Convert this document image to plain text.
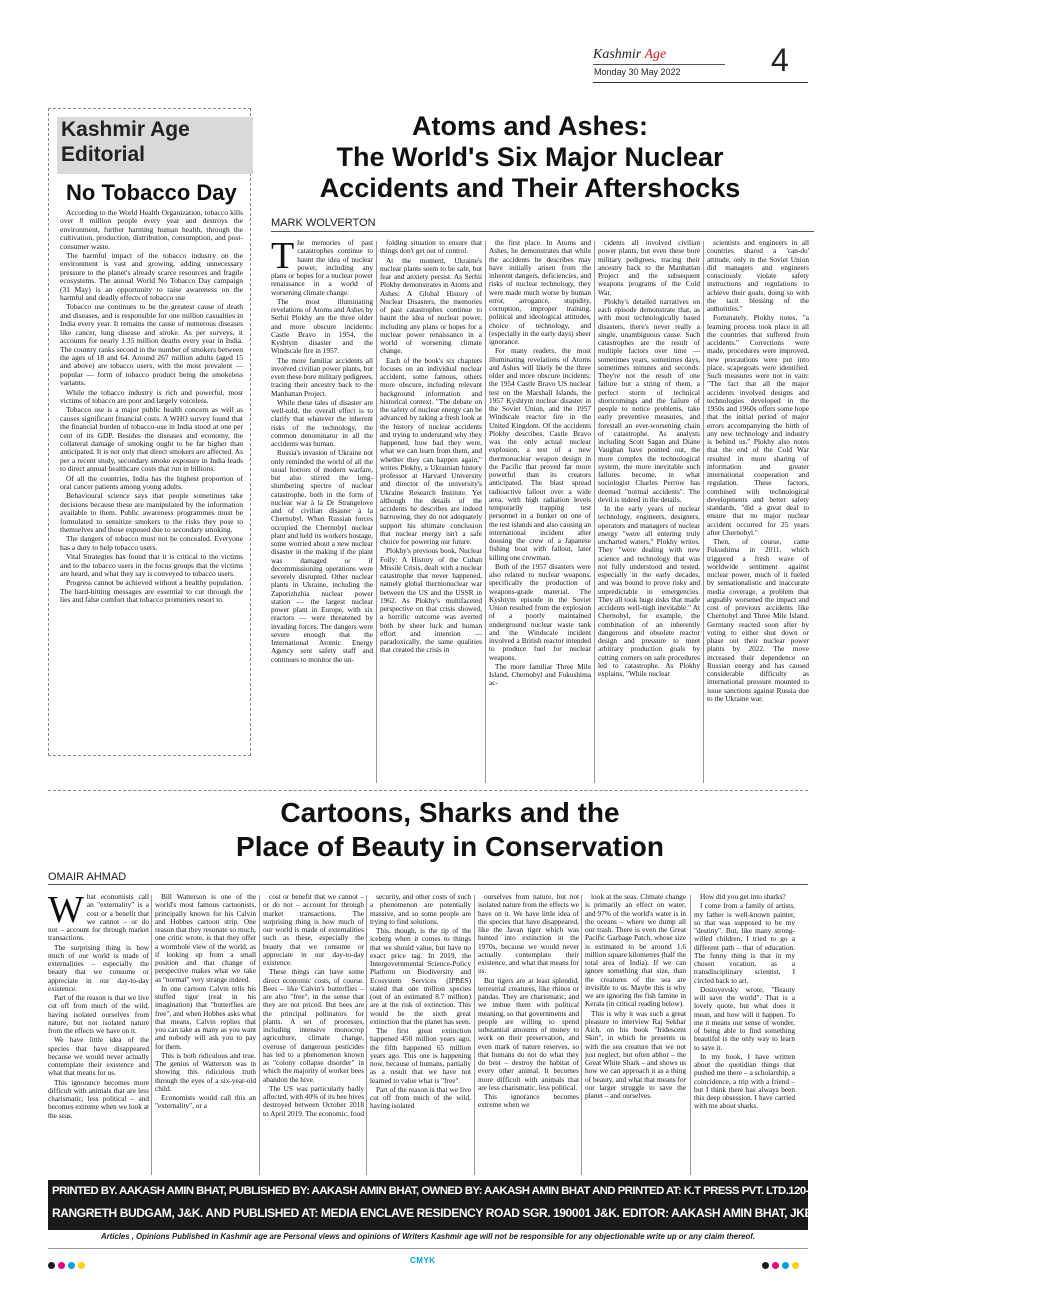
Kashmir Age
Monday 30 May 2022	4
Kashmir Age
Editorial
No Tobacco Day

According to the World Health Organization, tobacco kills over 8 million people every year and destroys the environment, further harming human health, through the cultivation, production, distribution, consumption, and post-consumer waste.

The harmful impact of the tobacco industry on the environment is vast and growing, adding unnecessary pressure to the planet's already scarce resources and fragile ecosystems. The annual World No Tobacco Day campaign (31 May) is an opportunity to raise awareness on the harmful and deadly effects of tobacco use

Tobacco use continues to be the greatest cause of death and diseases, and is responsible for one million casualties in India every year. It remains the cause of numerous diseases like cancer, lung disease and stroke. As per surveys, it accounts for nearly 1.35 million deaths every year in India. The country ranks second in the number of smokers between the ages of 18 and 64. Around 267 million adults (aged 15 and above) are tobacco users, with the most prevalent — popular — form of tobacco product being the smokeless variants.

While the tobacco industry is rich and powerful, most victims of tobacco are poor and largely voiceless.

Tobacco use is a major public health concern as well as causes significant financial costs. A WHO survey found that the financial burden of tobacco-use in India stood at one per cent of its GDP. Besides the diseases and economy, the collateral damage of smoking ought to be far higher than anticipated. It is not only that direct smokers are affected. As per a recent study, secondary smoke exposure in India leads to direct annual healthcare costs that run in billions.

Of all the countries, India has the highest proportion of oral cancer patients among young adults.

Behavioural science says that people sometimes take decisions because these are manipulated by the information available to them. Public awareness programmes must be formulated to sensitize smokers to the risks they pose to themselves and those exposed due to secondary smoking.

The dangers of tobacco must not be concealed. Everyone has a duty to help tobacco users.

Vital Strategies has found that it is critical to the victims and to the tobacco users in the focus groups that the victims are heard, and what they say is conveyed to tobacco users.

Progress cannot be achieved without a healthy population. The hard-hitting messages are essential to cut through the lies and false comfort that tobacco promoters resort to.

Atoms and Ashes:
The World's Six Major Nuclear
Accidents and Their Aftershocks
MARK WOLVERTON

The memories of past catastrophes continue to haunt the idea of nuclear power, including any plans or hopes for a nuclear power renaissance in a world of worsening climate change.

The most illuminating revelations of Atoms and Ashes by Serhii Plokhy are the three older and more obscure incidents: Castle Bravo in 1954, the Kyshtym disaster and the Windscale fire in 1957.

The more familiar accidents all involved civilian power plants, but even these bore military pedigrees, tracing their ancestry back to the Manhattan Project.

While these tales of disaster are well-told, the overall effect is to clarify that whatever the inherent risks of the technology, the common denominator in all the accidents was human.

Russia's invasion of Ukraine not only reminded the world of all the usual horrors of modern warfare, but also stirred the long-slumbering spectre of nuclear catastrophe, both in the form of nuclear war à la Dr Strangelove and of civilian disaster à la Chernobyl. When Russian forces occupied the Chernobyl nuclear plant and held its workers hostage, some worried about a new nuclear disaster in the making if the plant was damaged or if decommissioning operations were severely disrupted. Other nuclear plants in Ukraine, including the Zaporizhzhia nuclear power station — the largest nuclear power plant in Europe, with six reactors — were threatened by invading forces. The dangers were severe enough that the International Atomic Energy Agency sent safety staff and continues to monitor the un-

folding situation to ensure that things don't get out of control.

At the moment, Ukraine's nuclear plants seem to be safe, but fear and anxiety persist. As Serhii Plokhy demonstrates in Atoms and Ashes: A Global History of Nuclear Disasters, the memories of past catastrophes continue to haunt the idea of nuclear power, including any plans or hopes for a nuclear power renaissance in a world of worsening climate change.

Each of the book's six chapters focuses on an individual nuclear accident, some famous, others more obscure, including relevant background information and historical context. "The debate on the safety of nuclear energy can be advanced by taking a fresh look at the history of nuclear accidents and trying to understand why they happened, how bad they were, what we can learn from them, and whether they can happen again," writes Plokhy, a Ukrainian history professor at Harvard University and director of the university's Ukraine Research Institute. Yet although the details of the accidents he describes are indeed harrowing, they do not adequately support his ultimate conclusion that nuclear energy isn't a safe choice for powering our future.

Plokhy's previous book, Nuclear Folly: A History of the Cuban Missile Crisis, dealt with a nuclear catastrophe that never happened, namely global thermonuclear war between the US and the USSR in 1962. As Plokhy's multifaceted perspective on that crisis showed, a horrific outcome was averted both by sheer luck and human effort and intention — paradoxically, the same qualities that created the crisis in

the first place. In Atoms and Ashes, he demonstrates that while the accidents he describes may have initially arisen from the inherent dangers, deficiencies, and risks of nuclear technology, they were made much worse by human error, arrogance, stupidity, corruption, improper training, political and ideological attitudes, choice of technology, and (especially in the early days) sheer ignorance.

For many readers, the most illuminating revelations of Atoms and Ashes will likely be the three older and more obscure incidents: the 1954 Castle Bravo US nuclear test on the Marshall Islands, the 1957 Kyshtym nuclear disaster in the Soviet Union, and the 1957 Windscale reactor fire in the United Kingdom. Of the accidents Plokhy describes, Castle Bravo was the only actual nuclear explosion, a test of a new thermonuclear weapon design in the Pacific that proved far more powerful than its creators anticipated. The blast spread radioactive fallout over a wide area, with high radiation levels temporarily trapping test personnel in a bunker on one of the test islands and also causing an international incident after dousing the crew of a Japanese fishing boat with fallout, later killing one crewman.

Both of the 1957 disasters were also related to nuclear weapons, specifically the production of weapons-grade material. The Kyshtym episode in the Soviet Union resulted from the explosion of a poorly maintained underground nuclear waste tank and the Windscale incident involved a British reactor intended to produce fuel for nuclear weapons.

The more familiar Three Mile Island, Chernobyl and Fukushima ac-

cidents all involved civilian power plants, but even these bore military pedigrees, tracing their ancestry back to the Manhattan Project and the subsequent weapons programs of the Cold War.

Plokhy's detailed narratives on each episode demonstrate that, as with most technologically based disasters, there's never really a single, unambiguous cause. Such catastrophes are the result of multiple factors over time — sometimes years, sometimes days, sometimes minutes and seconds. They're not the result of one failure but a string of them, a perfect storm of technical shortcomings and the failure of people to notice problems, take early preventive measures, and forestall an ever-worsening chain of catastrophe. As analysts including Scott Sagan and Diane Vaughan have pointed out, the more complex the technological system, the more inevitable such failures become, in what sociologist Charles Perrow has deemed "normal accidents". The devil is indeed in the details.

In the early years of nuclear technology, engineers, designers, operators and managers of nuclear energy "were all entering truly uncharted waters," Plokhy writes. They "were dealing with new science and technology that was not fully understood and tested, especially in the early decades, and was bound to prove risky and unpredictable in emergencies. They all took huge risks that made accidents well-nigh inevitable." At Chernobyl, for example, the combination of an inherently dangerous and obsolete reactor design and pressure to meet arbitrary production goals by cutting corners on safe procedures led to catastrophe. As Plokhy explains, "While nuclear

scientists and engineers in all countries shared a 'can-do' attitude, only in the Soviet Union did managers and engineers consciously violate safety instructions and regulations to achieve their goals, doing so with the tacit blessing of the authorities."

Fortunately, Plokhy notes, "a learning process took place in all the countries that suffered from accidents." Corrections were made, procedures were improved, new precautions were put into place, scapegoats were identified. Such measures were not in vain: "The fact that all the major accidents involved designs and technologies developed in the 1950s and 1960s offers some hope that the initial period of major errors accompanying the birth of any new technology and industry is behind us." Plokhy also notes that the end of the Cold War resulted in more sharing of information and greater international cooperation and regulation. These factors, combined with technological developments and better safety standards, "did a great deal to ensure that no major nuclear accident occurred for 25 years after Chernobyl."

Then, of course, came Fukushima in 2011, which triggered a fresh wave of worldwide sentiment against nuclear power, much of it fueled by sensationalistic and inaccurate media coverage, a problem that arguably worsened the impact and cost of previous accidents like Chernobyl and Three Mile Island. Germany reacted soon after by voting to either shut down or phase out their nuclear power plants by 2022. The move increased their dependence on Russian energy and has caused considerable difficulty as international pressure mounted to issue sanctions against Russia due to the Ukraine war.

Cartoons, Sharks and the
Place of Beauty in Conservation
OMAIR AHMAD

What economists call an "externality" is a cost or a benefit that we cannot – or do not – account for through market transactions.

The surprising thing is how much of our world is made of externalities – especially the beauty that we consume or appreciate in our day-to-day existence.

Part of the reason is that we live cut off from much of the wild, having isolated ourselves from nature, but not isolated nature from the effects we have on it.

We have little idea of the species that have disappeared because we would never actually contemplate their existence and what that means for us.

This ignorance becomes more difficult with animals that are less charismatic, less political – and becomes extreme when we look at the seas.

Bill Watterson is one of the world's most famous cartoonists, principally known for his Calvin and Hobbes cartoon strip. One reason that they resonate so much, one critic wrote, is that they offer a wormhole view of the world, as if looking up from a small position and that change of perspective makes what we take as "normal" very strange indeed.

In one cartoon Calvin tells his stuffed tiger (real in his imagination) that "butterflies are free", and when Hobbes asks what that means, Calvin replies that you can take as many as you want and nobody will ask you to pay for them.

This is both ridiculous and true. The genius of Watterson was in showing this ridiculous truth through the eyes of a six-year-old child.

Economists would call this an "externality", or a

cost or benefit that we cannot – or do not – account for through market transactions. The surprising thing is how much of our world is made of externalities such as these, especially the beauty that we consume or appreciate in our day-to-day existence.

These things can have some direct economic costs, of course. Bees – like Calvin's butterflies – are also "free", in the sense that they are not priced. But bees are the principal pollinators for plants. A set of processes, including intensive monocrop agriculture, climate change, overuse of dangerous pesticides has led to a phenomenon known as "colony collapse disorder" in which the majority of worker bees abandon the hive.

The US was particularly badly affected, with 40% of its bee hives destroyed between October 2018 to April 2019. The economic, food

security, and other costs of such a phenomenon are potentially massive, and so some people are trying to find solutions.

This, though, is the tip of the iceberg when it comes to things that we should value, but have no exact price tag. In 2019, the Intergovernmental Science-Policy Platform on Biodiversity and Ecosystem Services (IPBES) stated that one million species (out of an estimated 8.7 million) are at the risk of extinction. This would be the sixth great extinction that the planet has seen.

The first great extinction happened 450 million years ago, the fifth happened 65 million years ago. This one is happening now, because of humans, partially as a result that we have not learned to value what is "free".

Part of the reason is that we live cut off from much of the wild, having isolated

ourselves from nature, but not isolated nature from the effects we have on it. We have little idea of the species that have disappeared, like the Javan tiger which was hunted into extinction in the 1970s, because we would never actually contemplate their existence, and what that means for us.

But tigers are at least splendid, terrestrial creatures, like rhinos or pandas. They are charismatic, and we imbue them with political meaning, so that governments and people are willing to spend substantial amounts of money to work on their preservation, and even mark of nature reserves, so that humans do not do what they do best – destroy the habitat of every other animal. It becomes more difficult with animals that are less charismatic, less political.

This ignorance becomes extreme when we

look at the seas. Climate change is primarily an effect on water, and 97% of the world's water is in the oceans – where we dump all our trash. There is even the Great Pacific Garbage Patch, whose size is estimated to be around 1.6 million square kilometres (half the total area of India). If we can ignore something that size, than the creatures of the sea are invisible to us. Maybe this is why we are ignoring the fish famine in Kerala (in critical reading below).

This is why it was such a great pleasure to interview Raj Sekhar Aich, on his book "Iridescent Skin", in which he presents us with the sea creature that we not just neglect, but often abhor – the Great White Shark – and shows us how we can approach it as a thing of beauty, and what that means for our larger struggle to save the planet – and ourselves.

How did you get into sharks?

I come from a family of artists, my father is well-known painter, so that was supposed to be my "destiny". But, like many strong-willed children, I tried to go a different path – that of education. The funny thing is that in my chosen vocation, as a transdisciplinary scientist, I circled back to art.

Dostoyevsky wrote, "Beauty will save the world". That is a lovely quote, but what does it mean, and how will it happen. To me it means our sense of wonder, of being able to find something beautiful is the only way to learn to save it.

In my book, I have written about the quotidian things that pushed me there – a scholarship, a coincidence, a trip with a friend – but I think there has always been this deep obsession. I have carried with me about sharks.

PRINTED BY. AAKASH AMIN BHAT, PUBLISHED BY: AAKASH AMIN BHAT, OWNED BY: AAKASH AMIN BHAT AND PRINTED AT: K.T PRESS PVT. LTD.120- ELECTRONIC COMPLEX INDUSTRIAL ESTATE
RANGRETH BUDGAM, J&K. AND PUBLISHED AT: MEDIA ENCLAVE RESIDENCY ROAD SGR. 190001 J&K. EDITOR: AAKASH AMIN BHAT, JKENG/2006/23952
Articles , Opinions Published in Kashmir age are Personal views and opinions of Writers Kashmir age will not be responsible for any objectionable write up or any claim thereof.
CMYK
